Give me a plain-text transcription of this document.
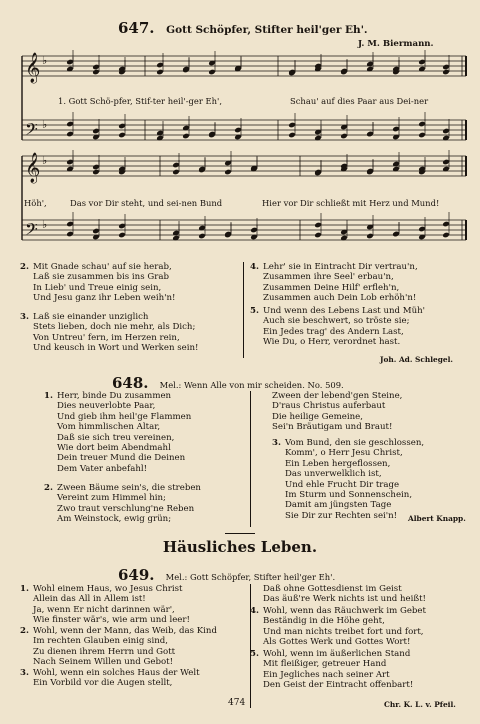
647. Gott Schöpfer, Stifter heil'ger Eh'.
J. M. Biermann.
𝄞
𝄢
𝄞
𝄢
♭
♭
♭
♭
1. Gott Schö-pfer, Stif-ter heil'-ger Eh',	Schau' auf dies Paar aus Dei-ner
Höh',	Das vor Dir steht, und sei-nen Bund	Hier vor Dir schließt mit Herz und Mund!
2. Mit Gnade schau' auf sie herab,
Laß sie zusammen bis ins Grab
In Lieb' und Treue einig sein,
Und Jesu ganz ihr Leben weih'n!
3. Laß sie einander unziglich
Stets lieben, doch nie mehr, als Dich;
Von Untreu' fern, im Herzen rein,
Und keusch in Wort und Werken sein!
4. Lehr' sie in Eintracht Dir vertrau'n,
Zusammen ihre Seel' erbau'n,
Zusammen Deine Hilf' erfleh'n,
Zusammen auch Dein Lob erhöh'n!
5. Und wenn des Lebens Last und Müh'
Auch sie beschwert, so tröste sie;
Ein Jedes trag' des Andern Last,
Wie Du, o Herr, verordnet hast.
Joh. Ad. Schlegel.
648. Mel.: Wenn Alle von mir scheiden. No. 509.
1. Herr, binde Du zusammen
Dies neuverlobte Paar,
Und gieb ihm heil'ge Flammen
Vom himmlischen Altar,
Daß sie sich treu vereinen,
Wie dort beim Abendmahl
Dein treuer Mund die Deinen
Dem Vater anbefahl!
2. Zween Bäume sein's, die streben
Vereint zum Himmel hin;
Zwo traut verschlung'ne Reben
Am Weinstock, ewig grün;
Zween der lebend'gen Steine,
D'raus Christus auferbaut
Die heilige Gemeine,
Sei'n Bräutigam und Braut!
3. Vom Bund, den sie geschlossen,
Komm', o Herr Jesu Christ,
Ein Leben hergeflossen,
Das unverwelklich ist,
Und ehle Frucht Dir trage
Im Sturm und Sonnenschein,
Damit am jüngsten Tage
Sie Dir zur Rechten sei'n!	Albert Knapp.
Häusliches Leben.
649. Mel.: Gott Schöpfer, Stifter heil'ger Eh'.
1. Wohl einem Haus, wo Jesus Christ
Allein das All in Allem ist!
Ja, wenn Er nicht darinnen wär',
Wie finster wär's, wie arm und leer!
2. Wohl, wenn der Mann, das Weib, das Kind
Im rechten Glauben einig sind,
Zu dienen ihrem Herrn und Gott
Nach Seinem Willen und Gebot!
3. Wohl, wenn ein solches Haus der Welt
Ein Vorbild vor die Augen stellt,
Daß ohne Gottesdienst im Geist
Das äuß're Werk nichts ist und heißt!
4. Wohl, wenn das Räuchwerk im Gebet
Beständig in die Höhe geht,
Und man nichts treibet fort und fort,
Als Gottes Werk und Gottes Wort!
5. Wohl, wenn im äußerlichen Stand
Mit fleißiger, getreuer Hand
Ein Jegliches nach seiner Art
Den Geist der Eintracht offenbart!
Chr. K. L. v. Pfeil.
474
